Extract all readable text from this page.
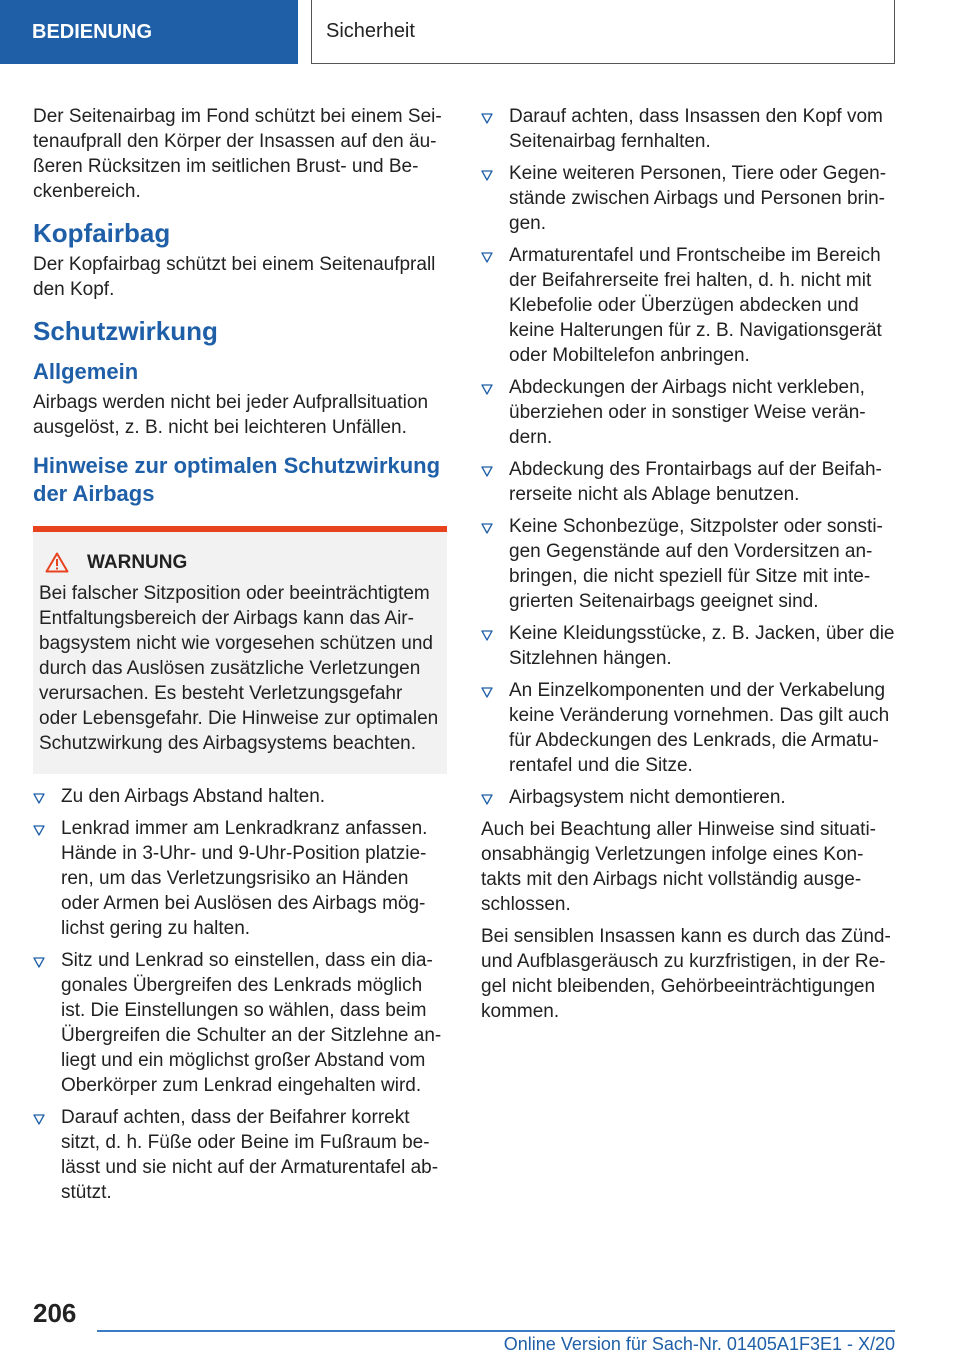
BEDIENUNG	Sicherheit

Der Seitenairbag im Fond schützt bei einem Sei-tenaufprall den Körper der Insassen auf den äu-ßeren Rücksitzen im seitlichen Brust- und Be-ckenbereich.

Kopfairbag

Der Kopfairbag schützt bei einem Seitenaufprall den Kopf.

Schutzwirkung
Allgemein

Airbags werden nicht bei jeder Aufprallsituation ausgelöst, z. B. nicht bei leichteren Unfällen.

Hinweise zur optimalen Schutzwirkung der Airbags
WARNUNG

Bei falscher Sitzposition oder beeinträchtigtem Entfaltungsbereich der Airbags kann das Air-bagsystem nicht wie vorgesehen schützen und durch das Auslösen zusätzliche Verletzungen verursachen. Es besteht Verletzungsgefahr oder Lebensgefahr. Die Hinweise zur optimalen Schutzwirkung des Airbagsystems beachten.

Zu den Airbags Abstand halten.
Lenkrad immer am Lenkradkranz anfassen. Hände in 3-Uhr- und 9-Uhr-Position platzie-ren, um das Verletzungsrisiko an Händen oder Armen bei Auslösen des Airbags mög-lichst gering zu halten.
Sitz und Lenkrad so einstellen, dass ein dia-gonales Übergreifen des Lenkrads möglich ist. Die Einstellungen so wählen, dass beim Übergreifen die Schulter an der Sitzlehne an-liegt und ein möglichst großer Abstand vom Oberkörper zum Lenkrad eingehalten wird.
Darauf achten, dass der Beifahrer korrekt sitzt, d. h. Füße oder Beine im Fußraum be-lässt und sie nicht auf der Armaturentafel ab-stützt.
Darauf achten, dass Insassen den Kopf vom Seitenairbag fernhalten.
Keine weiteren Personen, Tiere oder Gegen-stände zwischen Airbags und Personen brin-gen.
Armaturentafel und Frontscheibe im Bereich der Beifahrerseite frei halten, d. h. nicht mit Klebefolie oder Überzügen abdecken und keine Halterungen für z. B. Navigationsgerät oder Mobiltelefon anbringen.
Abdeckungen der Airbags nicht verkleben, überziehen oder in sonstiger Weise verän-dern.
Abdeckung des Frontairbags auf der Beifah-rerseite nicht als Ablage benutzen.
Keine Schonbezüge, Sitzpolster oder sonsti-gen Gegenstände auf den Vordersitzen an-bringen, die nicht speziell für Sitze mit inte-grierten Seitenairbags geeignet sind.
Keine Kleidungsstücke, z. B. Jacken, über die Sitzlehnen hängen.
An Einzelkomponenten und der Verkabelung keine Veränderung vornehmen. Das gilt auch für Abdeckungen des Lenkrads, die Armatu-rentafel und die Sitze.
Airbagsystem nicht demontieren.

Auch bei Beachtung aller Hinweise sind situati-onsabhängig Verletzungen infolge eines Kon-takts mit den Airbags nicht vollständig ausge-schlossen.

Bei sensiblen Insassen kann es durch das Zünd- und Aufblasgeräusch zu kurzfristigen, in der Re-gel nicht bleibenden, Gehörbeeinträchtigungen kommen.

206
Online Version für Sach-Nr. 01405A1F3E1 - X/20
